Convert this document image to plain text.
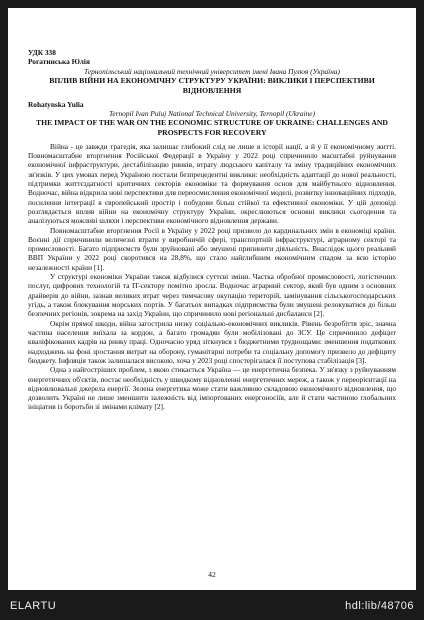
УДК 338

Рогатинська Юлія

Тернопільський національний технічний університет імені Івана Пулюя (Україна)

ВПЛИВ ВІЙНИ НА ЕКОНОМІЧНУ СТРУКТУРУ УКРАЇНИ: ВИКЛИКИ І ПЕРСПЕКТИВИ ВІДНОВЛЕННЯ

Rohatynska Yulia

Ternopil Ivan Puluj National Technical University, Ternopil (Ukraine)

THE IMPACT OF THE WAR ON THE ECONOMIC STRUCTURE OF UKRAINE: CHALLENGES AND PROSPECTS FOR RECOVERY

Війна - це завжди трагедія, яка залишає глибокий слід не лише в історії нації, а й у її економічному житті. Повномасштабне вторгнення Російської Федерації в Україну у 2022 році спричинило масштабні руйнування економічної інфраструктури, дестабілізацію ринків, втрату людського капіталу та зміну традиційних економічних зв'язків. У цих умовах перед Україною постали безпрецедентні виклики: необхідність адаптації до нової реальності, підтримки життєздатності критичних секторів економіки та формування основ для майбутнього відновлення. Водночас, війна відкрила нові перспективи для переосмислення економічної моделі, розвитку інноваційних підходів, посилення інтеграції в європейський простір і побудови більш стійкої та ефективної економіки. У цій доповіді розглядається вплив війни на економічну структуру України, окреслюються основні виклики сьогодення та аналізуються можливі шляхи і перспективи економічного відновлення держави.

Повномасштабне вторгнення Росії в Україну у 2022 році призвело до кардинальних змін в економіці країни. Воєнні дії спричинили величезні втрати у виробничій сфері, транспортній інфраструктурі, аграрному секторі та промисловості. Багато підприємств були зруйновані або змушені припинити діяльність. Внаслідок цього реальний ВВП України у 2022 році скоротився на 28,8%, що стало найглибшим економічним спадом за всю історію незалежності країни [1].

У структурі економіки України також відбулися суттєві зміни. Частка обробної промисловості, логістичних послуг, цифрових технологій та IT-сектору помітно зросла. Водночас аграрний сектор, який був одним з основних драйверів до війни, зазнав великих втрат через тимчасову окупацію територій, замінування сільськогосподарських угідь, а також блокування морських портів. У багатьох випадках підприємства були змушені релокуватися до більш безпечних регіонів, зокрема на захід України, що спричинило нові регіональні дисбаланси [2].

Окрім прямої шкоди, війна загострила низку соціально-економічних викликів. Рівень безробіття зріс, значна частина населення виїхала за кордон, а багато громадян були мобілізовані до ЗСУ. Це спричинило дефіцит кваліфікованих кадрів на ринку праці. Одночасно уряд зіткнувся з бюджетними труднощами: зменшення податкових надходжень на фоні зростання витрат на оборону, гуманітарні потреби та соціальну допомогу призвело до дефіциту бюджету. Інфляція також залишалася високою, хоча у 2023 році спостерігалася її поступова стабілізація [3].

Одна з найгостріших проблем, з якою стикається Україна — це енергетична безпека. У зв'язку з руйнуванням енергетичних об'єктів, постає необхідність у швидкому відновленні енергетичних мереж, а також у переорієнтації на відновлювальні джерела енергії. Зелена енергетика може стати важливою складовою економічного відновлення, що дозволить Україні не лише зменшити залежність від імпортованих енергоносіїв, але й стати частиною глобальних ініціатив із боротьби зі змінами клімату [2].

42
ELARTU	hdl:lib/48706
